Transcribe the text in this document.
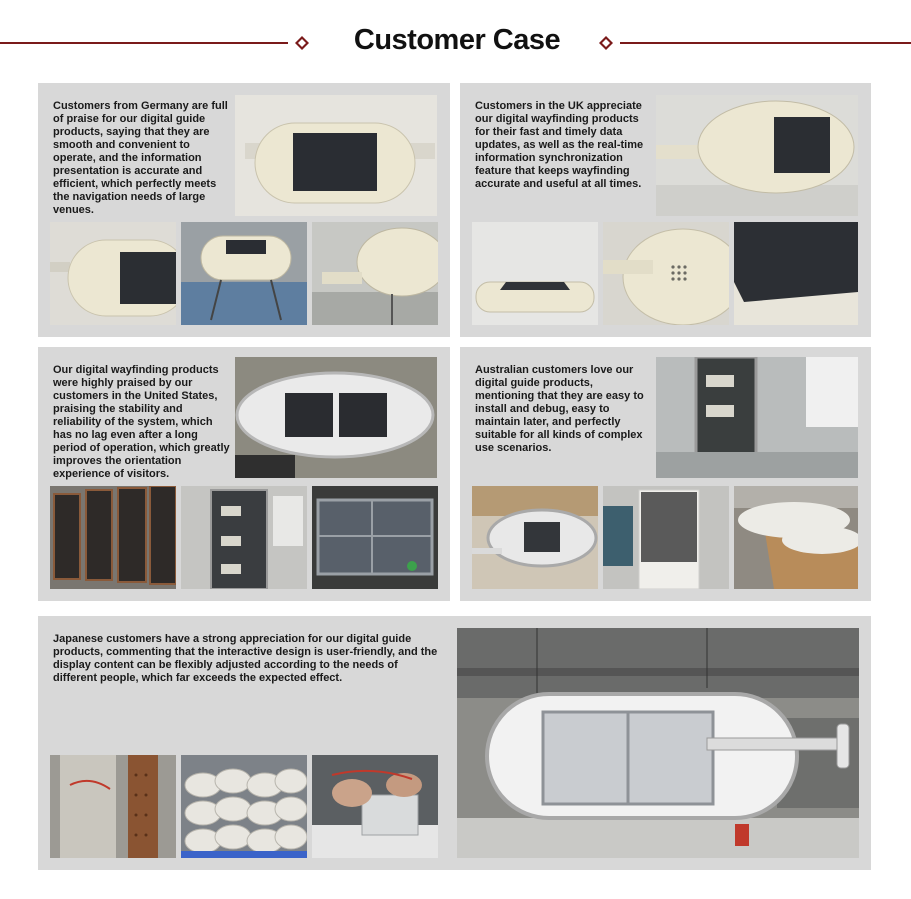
Customer Case
Customers from Germany are full of praise for our digital guide products, saying that they are smooth and convenient to operate, and the information presentation is accurate and efficient, which perfectly meets the navigation needs of large venues.
Customers in the UK appreciate our digital wayfinding products for their fast and timely data updates, as well as the real-time information synchronization feature that keeps wayfinding accurate and useful at all times.
Our digital wayfinding products were highly praised by our customers in the United States, praising the stability and reliability of the system, which has no lag even after a long period of operation, which greatly improves the orientation experience of visitors.
Australian customers love our digital guide products, mentioning that they are easy to install and debug, easy to maintain later, and perfectly suitable for all kinds of complex use scenarios.
Japanese customers have a strong appreciation for our digital guide products, commenting that the interactive design is user-friendly, and the display content can be flexibly adjusted according to the needs of different people, which far exceeds the expected effect.
